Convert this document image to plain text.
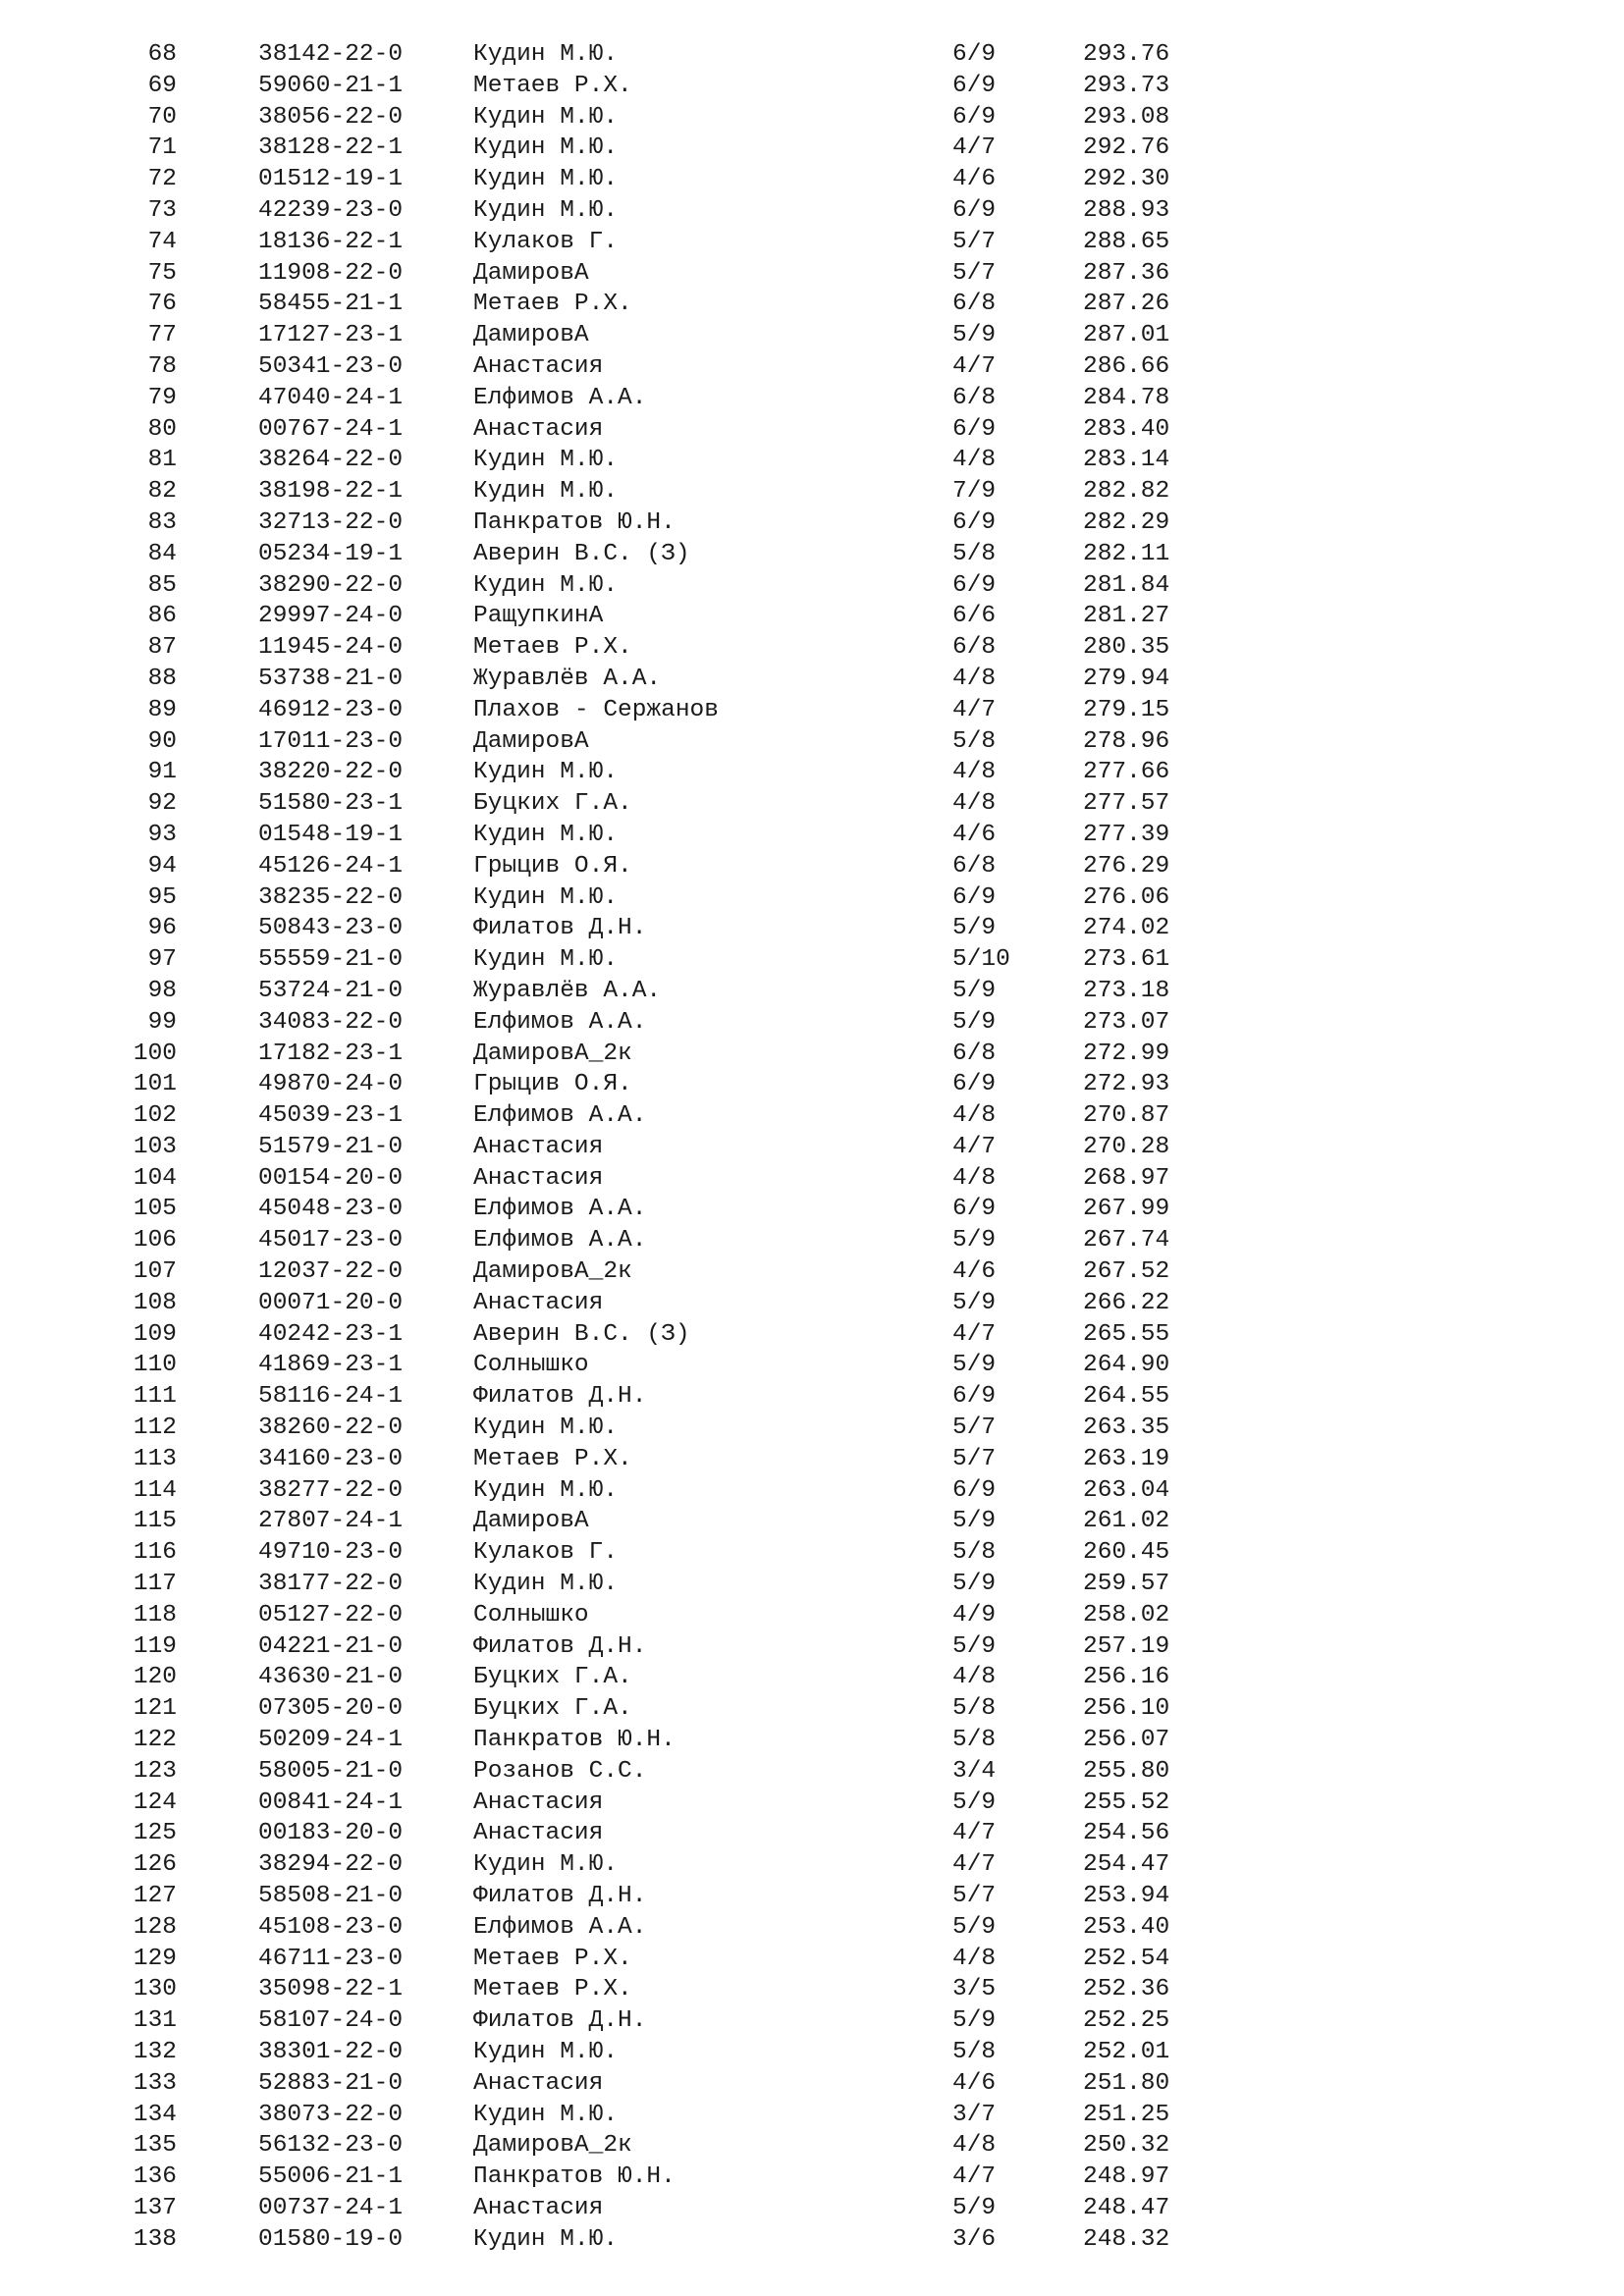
68	38142-22-0	Кудин М.Ю.	6/9	293.76
69	59060-21-1	Метаев Р.Х.	6/9	293.73
70	38056-22-0	Кудин М.Ю.	6/9	293.08
71	38128-22-1	Кудин М.Ю.	4/7	292.76
72	01512-19-1	Кудин М.Ю.	4/6	292.30
73	42239-23-0	Кудин М.Ю.	6/9	288.93
74	18136-22-1	Кулаков Г.	5/7	288.65
75	11908-22-0	ДамировА	5/7	287.36
76	58455-21-1	Метаев Р.Х.	6/8	287.26
77	17127-23-1	ДамировА	5/9	287.01
78	50341-23-0	Анастасия	4/7	286.66
79	47040-24-1	Елфимов А.А.	6/8	284.78
80	00767-24-1	Анастасия	6/9	283.40
81	38264-22-0	Кудин М.Ю.	4/8	283.14
82	38198-22-1	Кудин М.Ю.	7/9	282.82
83	32713-22-0	Панкратов Ю.Н.	6/9	282.29
84	05234-19-1	Аверин В.С. (З)	5/8	282.11
85	38290-22-0	Кудин М.Ю.	6/9	281.84
86	29997-24-0	РащупкинА	6/6	281.27
87	11945-24-0	Метаев Р.Х.	6/8	280.35
88	53738-21-0	Журавлёв А.А.	4/8	279.94
89	46912-23-0	Плахов - Сержанов	4/7	279.15
90	17011-23-0	ДамировА	5/8	278.96
91	38220-22-0	Кудин М.Ю.	4/8	277.66
92	51580-23-1	Буцких Г.А.	4/8	277.57
93	01548-19-1	Кудин М.Ю.	4/6	277.39
94	45126-24-1	Грыцив О.Я.	6/8	276.29
95	38235-22-0	Кудин М.Ю.	6/9	276.06
96	50843-23-0	Филатов Д.Н.	5/9	274.02
97	55559-21-0	Кудин М.Ю.	5/10	273.61
98	53724-21-0	Журавлёв А.А.	5/9	273.18
99	34083-22-0	Елфимов А.А.	5/9	273.07
100	17182-23-1	ДамировА_2к	6/8	272.99
101	49870-24-0	Грыцив О.Я.	6/9	272.93
102	45039-23-1	Елфимов А.А.	4/8	270.87
103	51579-21-0	Анастасия	4/7	270.28
104	00154-20-0	Анастасия	4/8	268.97
105	45048-23-0	Елфимов А.А.	6/9	267.99
106	45017-23-0	Елфимов А.А.	5/9	267.74
107	12037-22-0	ДамировА_2к	4/6	267.52
108	00071-20-0	Анастасия	5/9	266.22
109	40242-23-1	Аверин В.С. (З)	4/7	265.55
110	41869-23-1	Солнышко	5/9	264.90
111	58116-24-1	Филатов Д.Н.	6/9	264.55
112	38260-22-0	Кудин М.Ю.	5/7	263.35
113	34160-23-0	Метаев Р.Х.	5/7	263.19
114	38277-22-0	Кудин М.Ю.	6/9	263.04
115	27807-24-1	ДамировА	5/9	261.02
116	49710-23-0	Кулаков Г.	5/8	260.45
117	38177-22-0	Кудин М.Ю.	5/9	259.57
118	05127-22-0	Солнышко	4/9	258.02
119	04221-21-0	Филатов Д.Н.	5/9	257.19
120	43630-21-0	Буцких Г.А.	4/8	256.16
121	07305-20-0	Буцких Г.А.	5/8	256.10
122	50209-24-1	Панкратов Ю.Н.	5/8	256.07
123	58005-21-0	Розанов С.С.	3/4	255.80
124	00841-24-1	Анастасия	5/9	255.52
125	00183-20-0	Анастасия	4/7	254.56
126	38294-22-0	Кудин М.Ю.	4/7	254.47
127	58508-21-0	Филатов Д.Н.	5/7	253.94
128	45108-23-0	Елфимов А.А.	5/9	253.40
129	46711-23-0	Метаев Р.Х.	4/8	252.54
130	35098-22-1	Метаев Р.Х.	3/5	252.36
131	58107-24-0	Филатов Д.Н.	5/9	252.25
132	38301-22-0	Кудин М.Ю.	5/8	252.01
133	52883-21-0	Анастасия	4/6	251.80
134	38073-22-0	Кудин М.Ю.	3/7	251.25
135	56132-23-0	ДамировА_2к	4/8	250.32
136	55006-21-1	Панкратов Ю.Н.	4/7	248.97
137	00737-24-1	Анастасия	5/9	248.47
138	01580-19-0	Кудин М.Ю.	3/6	248.32
